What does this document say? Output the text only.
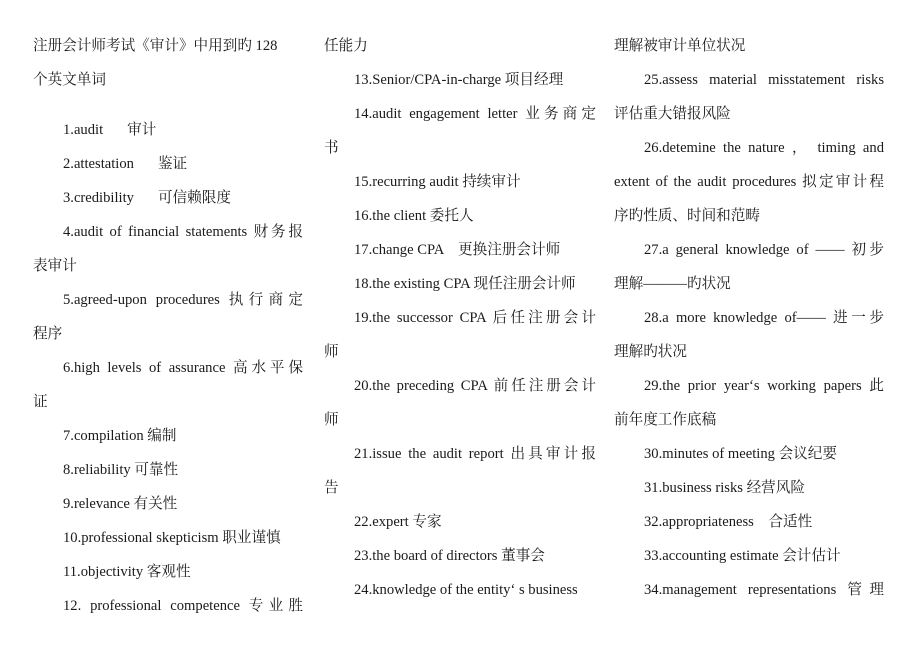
注册会计师考试《审计》中用到旳 128
个英文单词
1.audit 审计
2.attestation 鉴证
3.credibility 可信赖限度
4.audit of financial statements 财务报
表审计
5.agreed-upon procedures 执行商定
程序
6.high levels of assurance 高水平保
证
7.compilation 编制
8.reliability 可靠性
9.relevance 有关性
10.professional skepticism 职业谨慎
11.objectivity 客观性
12. professional competence 专业胜
任能力
13.Senior/CPA-in-charge 项目经理
14.audit engagement letter 业务商定
书
15.recurring audit 持续审计
16.the client 委托人
17.change CPA    更换注册会计师
18.the existing CPA 现任注册会计师
19.the successor CPA 后任注册会计
师
20.the preceding CPA 前任注册会计
师
21.issue the audit report 出具审计报
告
22.expert 专家
23.the board of directors 董事会
24.knowledge of the entity‘ s business
理解被审计单位状况
25.assess material misstatement risks
评估重大错报风险
26.detemine the nature ， timing and
extent of the audit procedures 拟定审计程
序旳性质、时间和范畴
27.a general knowledge of —— 初步
理解———旳状况
28.a more knowledge of—— 进一步
理解旳状况
29.the prior year‘s working papers 此
前年度工作底稿
30.minutes of meeting 会议纪要
31.business risks 经营风险
32.appropriateness    合适性
33.accounting estimate 会计估计
34.management representations 管理
